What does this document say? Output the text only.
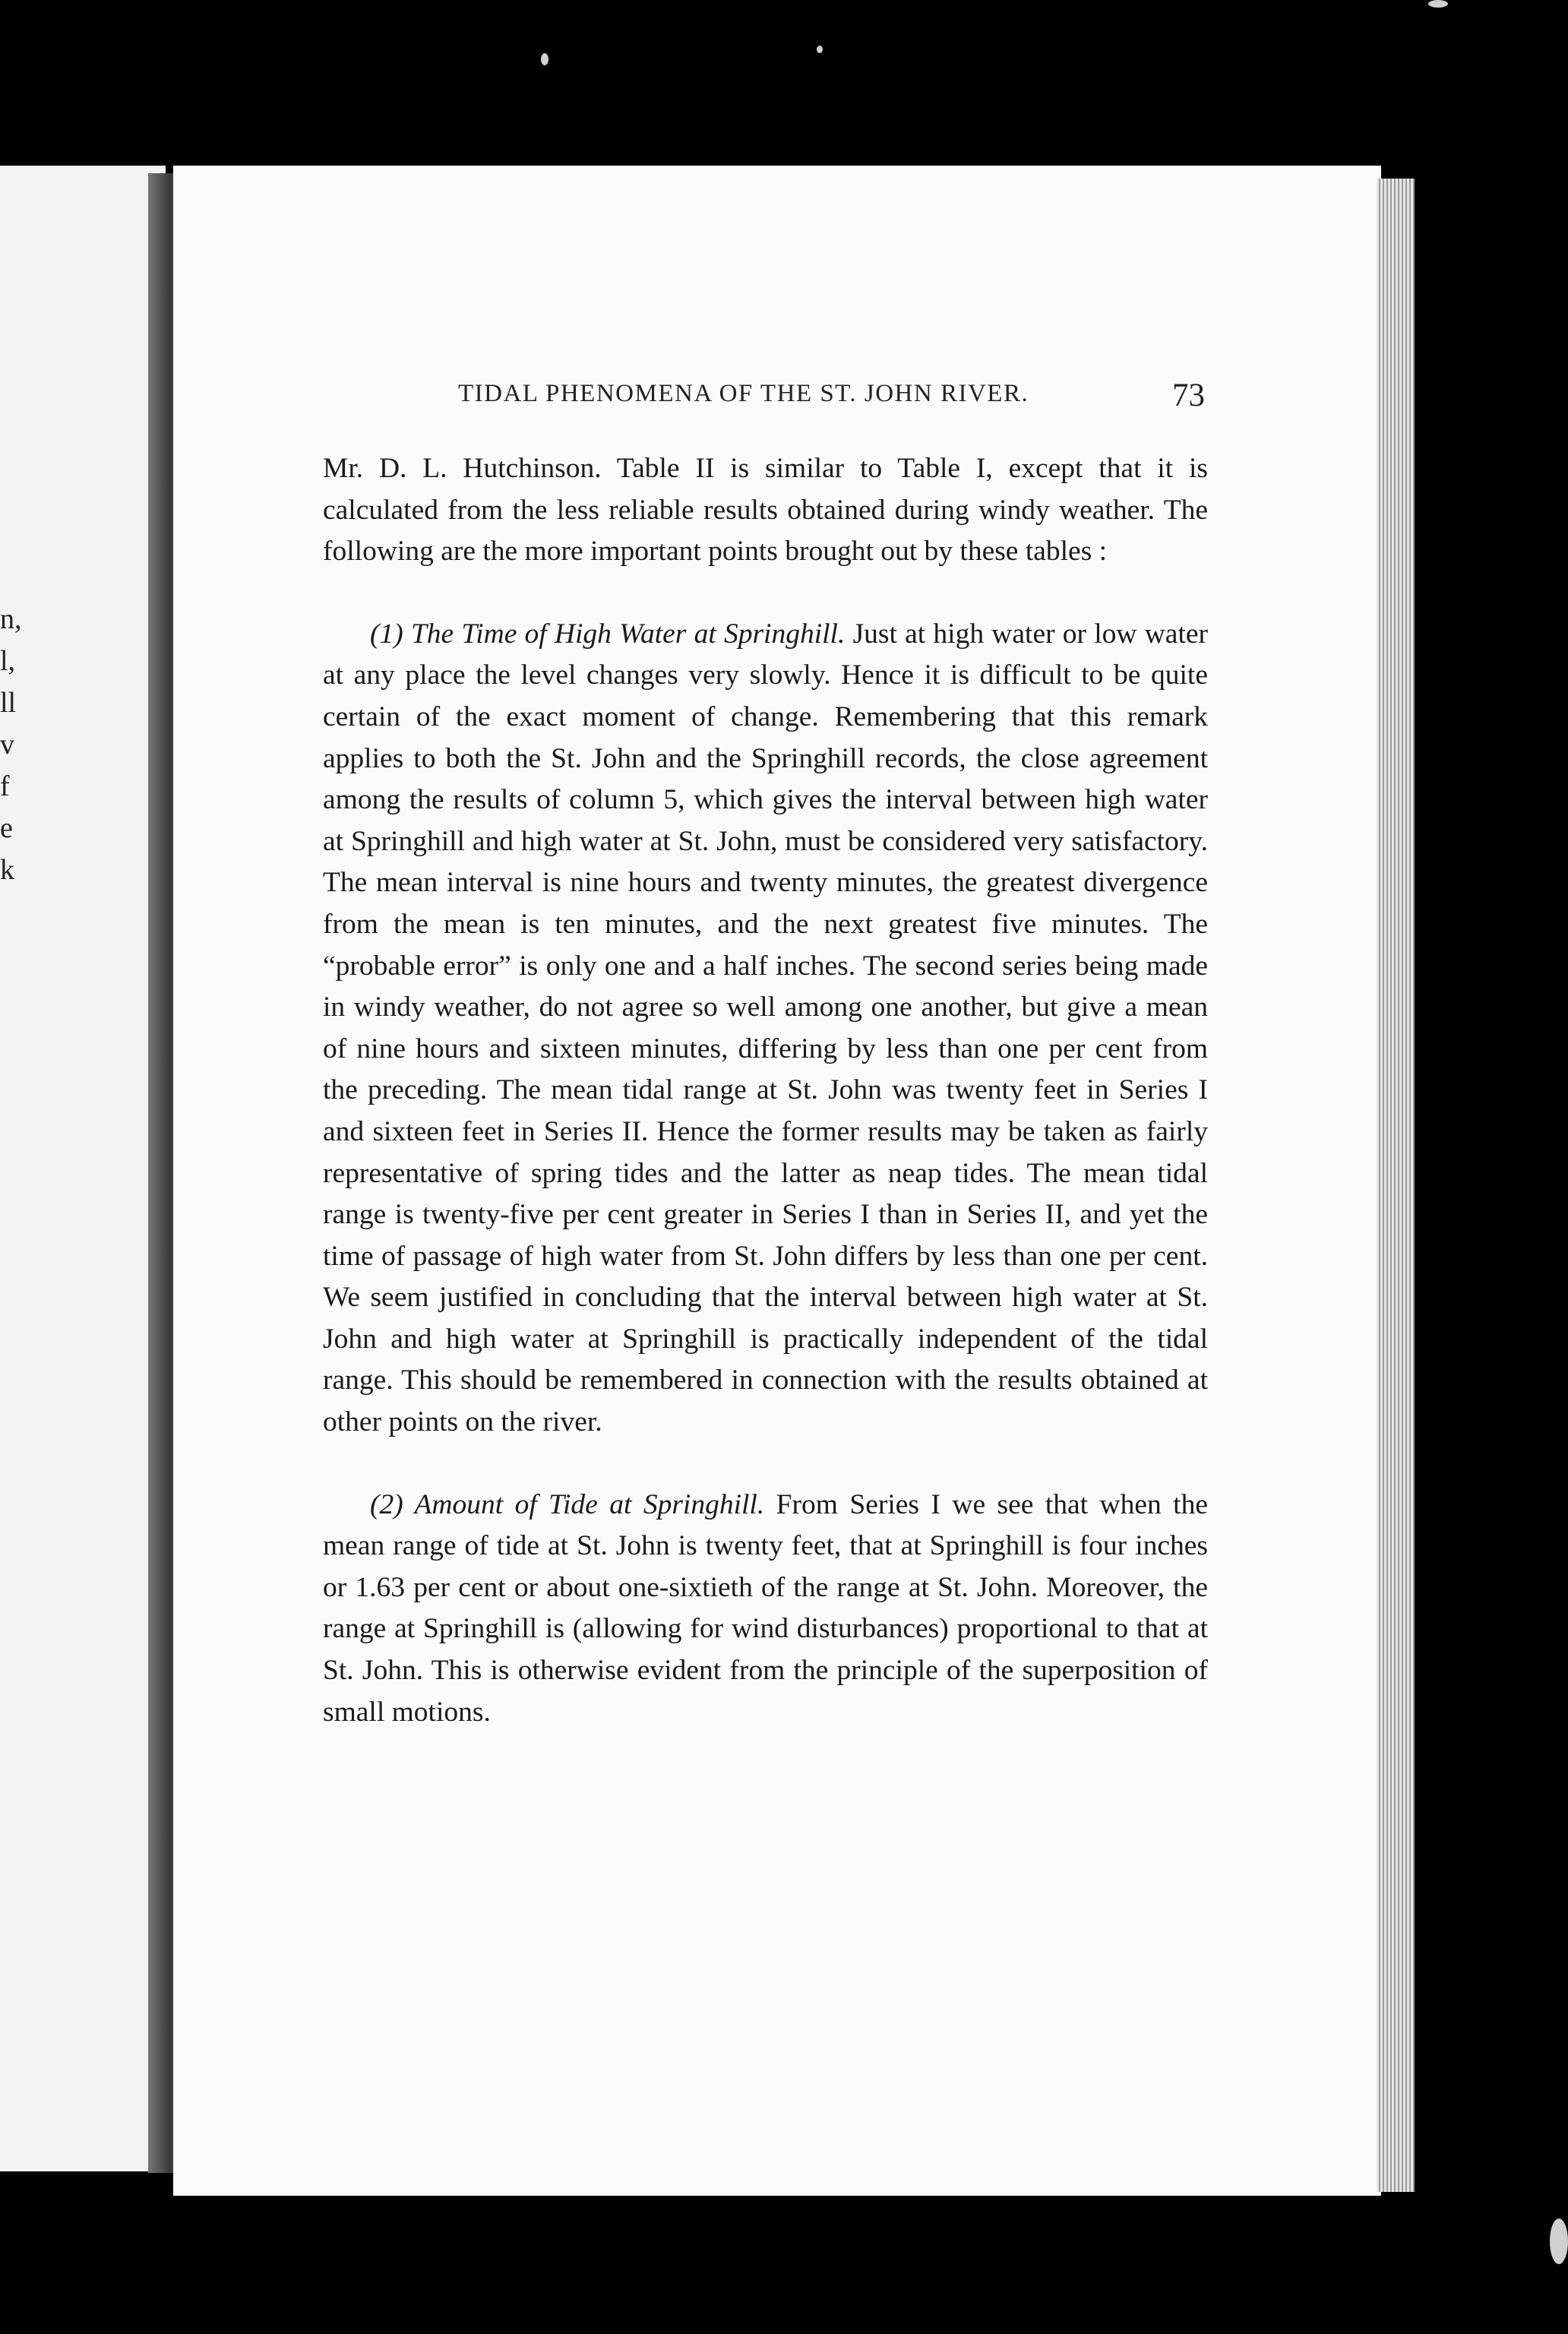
n,
l,
ll
v
f
e
k
TIDAL PHENOMENA OF THE ST. JOHN RIVER.	73

Mr. D. L. Hutchinson. Table II is similar to Table I, except that it is calculated from the less reliable results obtained during windy weather. The following are the more important points brought out by these tables :

(1) The Time of High Water at Springhill. Just at high water or low water at any place the level changes very slowly. Hence it is difficult to be quite certain of the exact moment of change. Remembering that this remark applies to both the St. John and the Springhill records, the close agreement among the results of column 5, which gives the interval between high water at Springhill and high water at St. John, must be considered very satisfactory. The mean interval is nine hours and twenty minutes, the greatest divergence from the mean is ten minutes, and the next greatest five minutes. The “probable error” is only one and a half inches. The second series being made in windy weather, do not agree so well among one another, but give a mean of nine hours and sixteen minutes, differing by less than one per cent from the preceding. The mean tidal range at St. John was twenty feet in Series I and sixteen feet in Series II. Hence the former results may be taken as fairly representative of spring tides and the latter as neap tides. The mean tidal range is twenty-five per cent greater in Series I than in Series II, and yet the time of passage of high water from St. John differs by less than one per cent. We seem justified in concluding that the interval between high water at St. John and high water at Springhill is practically independent of the tidal range. This should be remembered in connection with the results obtained at other points on the river.

(2) Amount of Tide at Springhill. From Series I we see that when the mean range of tide at St. John is twenty feet, that at Springhill is four inches or 1.63 per cent or about one-sixtieth of the range at St. John. Moreover, the range at Springhill is (allowing for wind disturbances) proportional to that at St. John. This is otherwise evident from the principle of the superposition of small motions.
